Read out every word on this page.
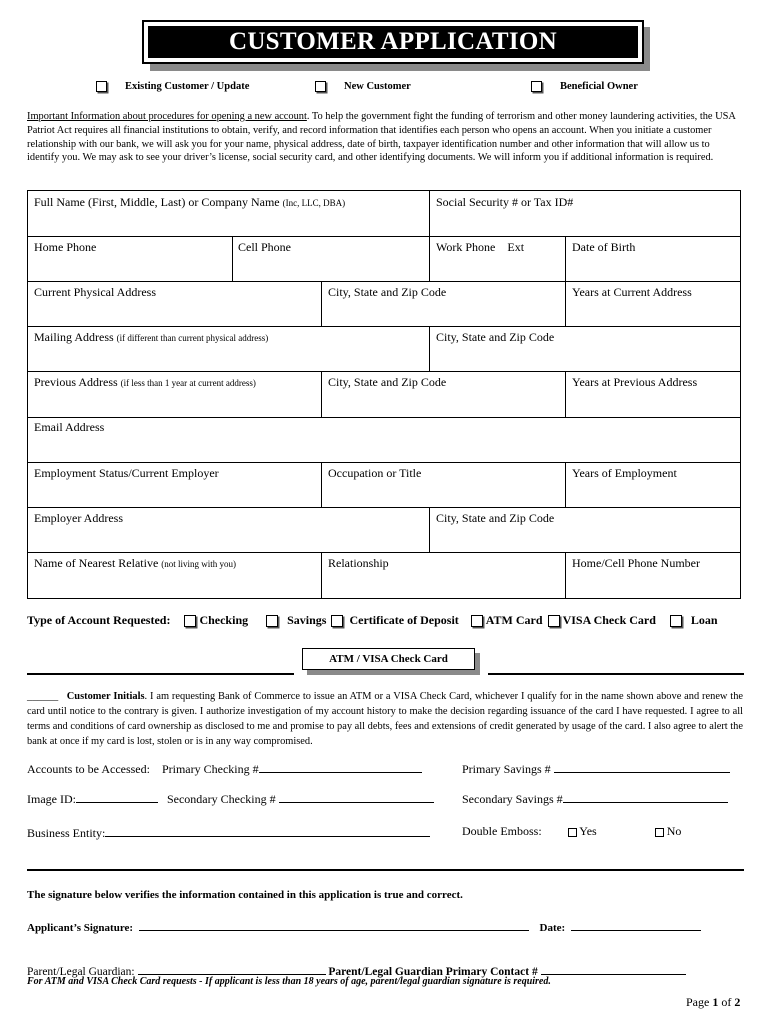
CUSTOMER APPLICATION
Existing Customer / Update	New Customer	Beneficial Owner
Important Information about procedures for opening a new account. To help the government fight the funding of terrorism and other money laundering activities, the USA Patriot Act requires all financial institutions to obtain, verify, and record information that identifies each person who opens an account. When you initiate a customer relationship with our bank, we will ask you for your name, physical address, date of birth, taxpayer identification number and other information that will allow us to identify you. We may ask to see your driver’s license, social security card, and other identifying documents. We will inform you if additional information is required.
Full Name (First, Middle, Last) or Company Name (Inc, LLC, DBA)	Social Security # or Tax ID#
Home Phone	Cell Phone	Work Phone Ext	Date of Birth
Current Physical Address	City, State and Zip Code	Years at Current Address
Mailing Address (if different than current physical address)	City, State and Zip Code
Previous Address (if less than 1 year at current address)	City, State and Zip Code	Years at Previous Address
Email Address
Employment Status/Current Employer	Occupation or Title	Years of Employment
Employer Address	City, State and Zip Code
Name of Nearest Relative (not living with you)	Relationship	Home/Cell Phone Number
Type of Account Requested: Checking	Savings Certificate of Deposit ATM Card VISA Check Card	Loan
ATM / VISA Check Card
______ Customer Initials. I am requesting Bank of Commerce to issue an ATM or a VISA Check Card, whichever I qualify for in the name shown above and renew the card until notice to the contrary is given. I authorize investigation of my account history to make the decision regarding issuance of the card I have requested. I agree to all terms and conditions of card ownership as disclosed to me and promise to pay all debts, fees and extensions of credit generated by usage of the card. I also agree to alert the bank at once if my card is lost, stolen or is in any way compromised.
Accounts to be Accessed: Primary Checking #	Primary Savings #
Image ID:	Secondary Checking #	Secondary Savings #
Business Entity:	Double Emboss:	Yes	No
The signature below verifies the information contained in this application is true and correct.
Applicant’s Signature:	Date:
Parent/Legal Guardian:	Parent/Legal Guardian Primary Contact #
For ATM and VISA Check Card requests - If applicant is less than 18 years of age, parent/legal guardian signature is required.
Page 1 of 2
